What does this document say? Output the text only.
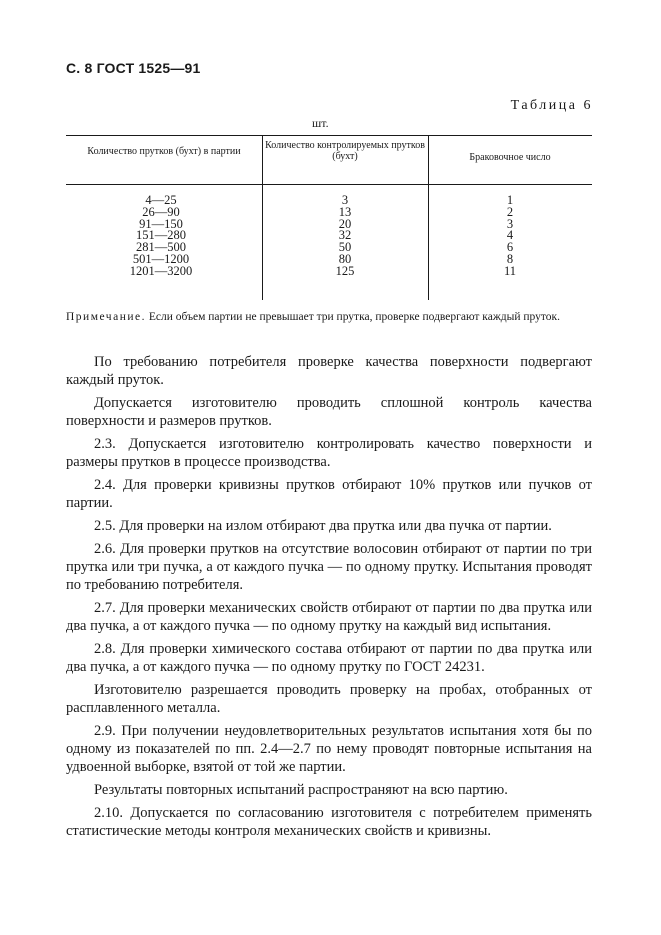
С. 8 ГОСТ 1525—91
Таблица 6
шт.
Количество прутков (бухт) в партии
Количество контролируемых прутков (бухт)	Браковочное число
4—25
26—90
91—150
151—280
281—500
501—1200
1201—3200
3
13
20
32
50
80
125
1
2
3
4
6
8
11
Примечание. Если объем партии не превышает три прутка, проверке подвергают каждый пруток.

По требованию потребителя проверке качества поверхности подвергают каждый пруток.

Допускается изготовителю проводить сплошной контроль качества поверхности и размеров прутков.

2.3. Допускается изготовителю контролировать качество поверхности и размеры прутков в процессе производства.

2.4. Для проверки кривизны прутков отбирают 10% прутков или пучков от партии.

2.5. Для проверки на излом отбирают два прутка или два пучка от партии.

2.6. Для проверки прутков на отсутствие волосовин отбирают от партии по три прутка или три пучка, а от каждого пучка — по одному прутку. Испытания проводят по требованию потребителя.

2.7. Для проверки механических свойств отбирают от партии по два прутка или два пучка, а от каждого пучка — по одному прутку на каждый вид испытания.

2.8. Для проверки химического состава отбирают от партии по два прутка или два пучка, а от каждого пучка — по одному прутку по ГОСТ 24231.

Изготовителю разрешается проводить проверку на пробах, отобранных от расплавленного металла.

2.9. При получении неудовлетворительных результатов испытания хотя бы по одному из показателей по пп. 2.4—2.7 по нему проводят повторные испытания на удвоенной выборке, взятой от той же партии.

Результаты повторных испытаний распространяют на всю партию.

2.10. Допускается по согласованию изготовителя с потребителем применять статистические методы контроля механических свойств и кривизны.
